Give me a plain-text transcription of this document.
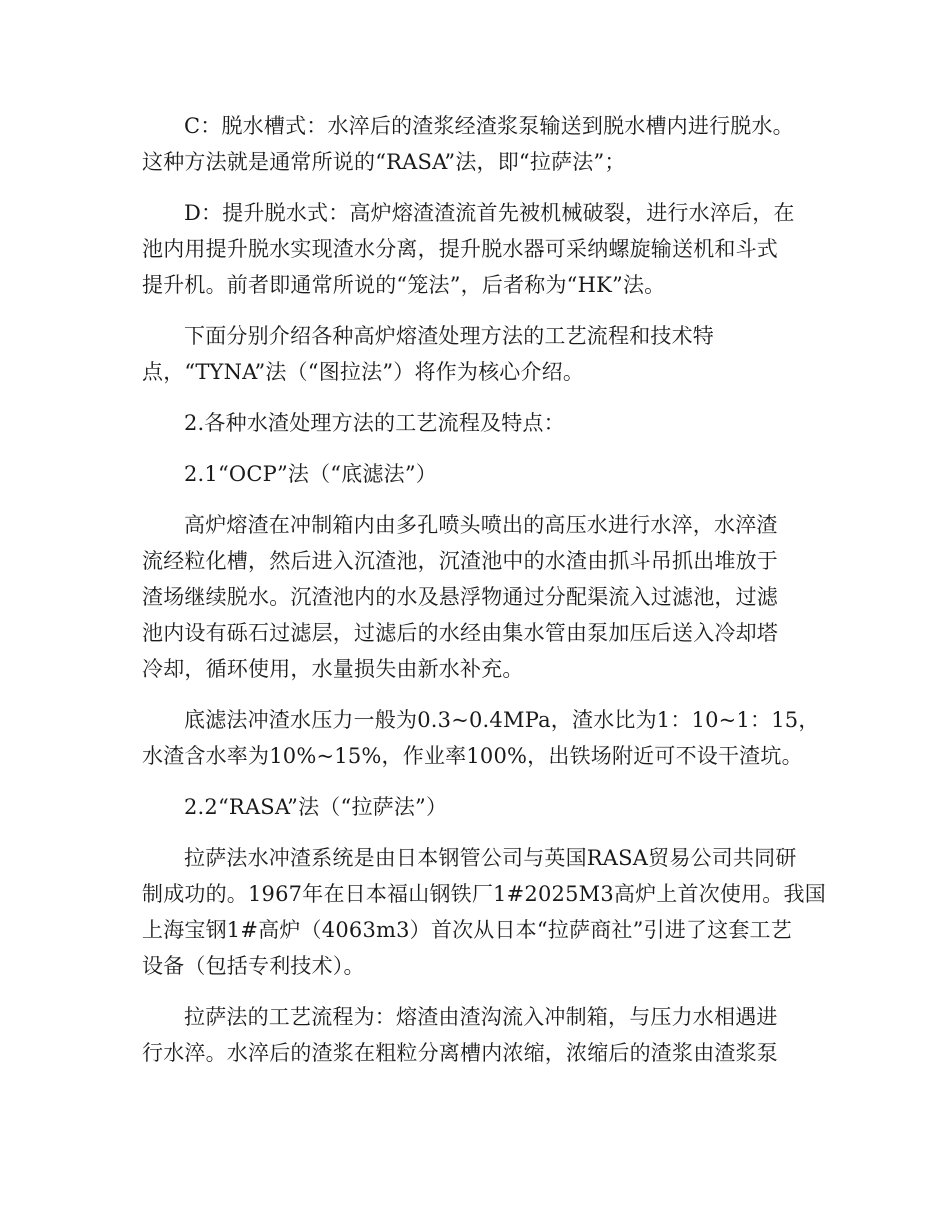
C：脱水槽式：水淬后的渣浆经渣浆泵输送到脱水槽内进行脱水。
这种方法就是通常所说的“RASA”法，即“拉萨法”；
D：提升脱水式：高炉熔渣渣流首先被机械破裂，进行水淬后，在
池内用提升脱水实现渣水分离，提升脱水器可采纳螺旋输送机和斗式
提升机。前者即通常所说的“笼法”，后者称为“HK”法。
下面分别介绍各种高炉熔渣处理方法的工艺流程和技术特
点，“TYNA”法（“图拉法”）将作为核心介绍。
2.各种水渣处理方法的工艺流程及特点：
2.1“OCP”法（“底滤法”）
高炉熔渣在冲制箱内由多孔喷头喷出的高压水进行水淬，水淬渣
流经粒化槽，然后进入沉渣池，沉渣池中的水渣由抓斗吊抓出堆放于
渣场继续脱水。沉渣池内的水及悬浮物通过分配渠流入过滤池，过滤
池内设有砾石过滤层，过滤后的水经由集水管由泵加压后送入冷却塔
冷却，循环使用，水量损失由新水补充。
底滤法冲渣水压力一般为0.3~0.4MPa，渣水比为1：10~1：15，
水渣含水率为10%~15%，作业率100%，出铁场附近可不设干渣坑。
2.2“RASA”法（“拉萨法”）
拉萨法水冲渣系统是由日本钢管公司与英国RASA贸易公司共同研
制成功的。1967年在日本福山钢铁厂1#2025M3高炉上首次使用。我国
上海宝钢1#高炉（4063m3）首次从日本“拉萨商社”引进了这套工艺
设备（包括专利技术）。
拉萨法的工艺流程为：熔渣由渣沟流入冲制箱，与压力水相遇进
行水淬。水淬后的渣浆在粗粒分离槽内浓缩，浓缩后的渣浆由渣浆泵
